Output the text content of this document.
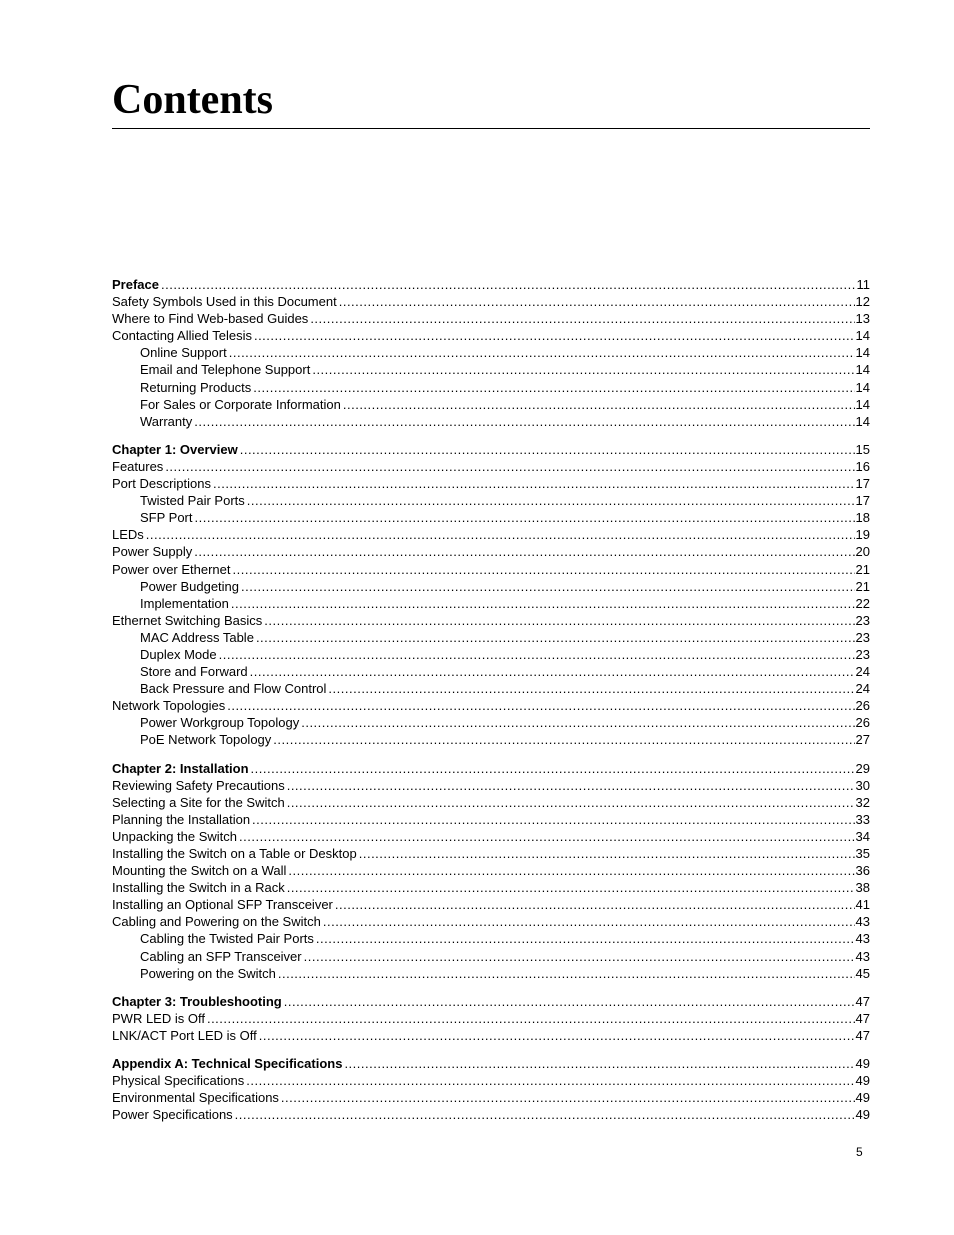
Contents
Preface .....	11
Safety Symbols Used in this Document .....	12
Where to Find Web-based Guides .....	13
Contacting Allied Telesis .....	14
Online Support .....	14
Email and Telephone Support .....	14
Returning Products .....	14
For Sales or Corporate Information .....	14
Warranty .....	14
Chapter 1: Overview .....	15
Features .....	16
Port Descriptions .....	17
Twisted Pair Ports .....	17
SFP Port .....	18
LEDs .....	19
Power Supply .....	20
Power over Ethernet .....	21
Power Budgeting .....	21
Implementation .....	22
Ethernet Switching Basics .....	23
MAC Address Table .....	23
Duplex Mode .....	23
Store and Forward .....	24
Back Pressure and Flow Control .....	24
Network Topologies .....	26
Power Workgroup Topology .....	26
PoE Network Topology .....	27
Chapter 2: Installation .....	29
Reviewing Safety Precautions .....	30
Selecting a Site for the Switch .....	32
Planning the Installation .....	33
Unpacking the Switch .....	34
Installing the Switch on a Table or Desktop .....	35
Mounting the Switch on a Wall .....	36
Installing the Switch in a Rack .....	38
Installing an Optional SFP Transceiver .....	41
Cabling and Powering on the Switch .....	43
Cabling the Twisted Pair Ports .....	43
Cabling an SFP Transceiver .....	43
Powering on the Switch .....	45
Chapter 3: Troubleshooting .....	47
PWR LED is Off .....	47
LNK/ACT Port LED is Off .....	47
Appendix A: Technical Specifications .....	49
Physical Specifications .....	49
Environmental Specifications .....	49
Power Specifications .....	49
5
